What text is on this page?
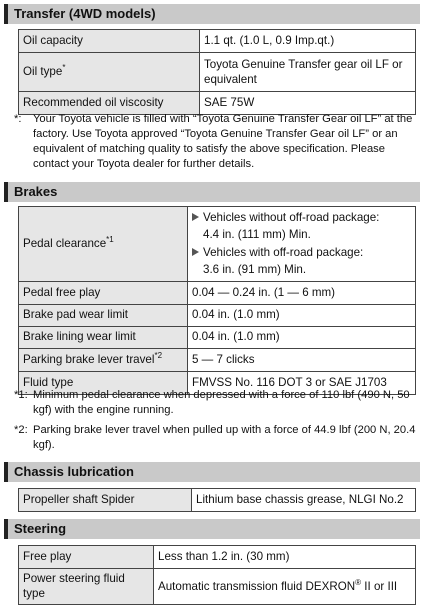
Transfer (4WD models)
Oil capacity	1.1 qt. (1.0 L, 0.9 Imp.qt.)
Oil type*	Toyota Genuine Transfer gear oil LF or equivalent
Recommended oil viscosity	SAE 75W
*: Your Toyota vehicle is filled with “Toyota Genuine Transfer Gear oil LF” at the factory. Use Toyota approved “Toyota Genuine Transfer Gear oil LF” or an equivalent of matching quality to satisfy the above specification. Please contact your Toyota dealer for further details.
Brakes
Pedal clearance$^{*1}$	Vehicles without off-road package:
4.4 in. (111 mm) Min.
Vehicles with off-road package:
3.6 in. (91 mm) Min.

Pedal free play	0.04 — 0.24 in. (1 — 6 mm)
Brake pad wear limit	0.04 in. (1.0 mm)
Brake lining wear limit	0.04 in. (1.0 mm)
Parking brake lever travel$^{*2}$	5 — 7 clicks
Fluid type	FMVSS No. 116 DOT 3 or SAE J1703
*1: Minimum pedal clearance when depressed with a force of 110 lbf (490 N, 50 kgf) with the engine running.
*2: Parking brake lever travel when pulled up with a force of 44.9 lbf (200 N, 20.4 kgf).
Chassis lubrication
Propeller shaft Spider	Lithium base chassis grease, NLGI No.2
Steering
Free play	Less than 1.2 in. (30 mm)
Power steering fluid type	Automatic transmission fluid DEXRON® II or III
